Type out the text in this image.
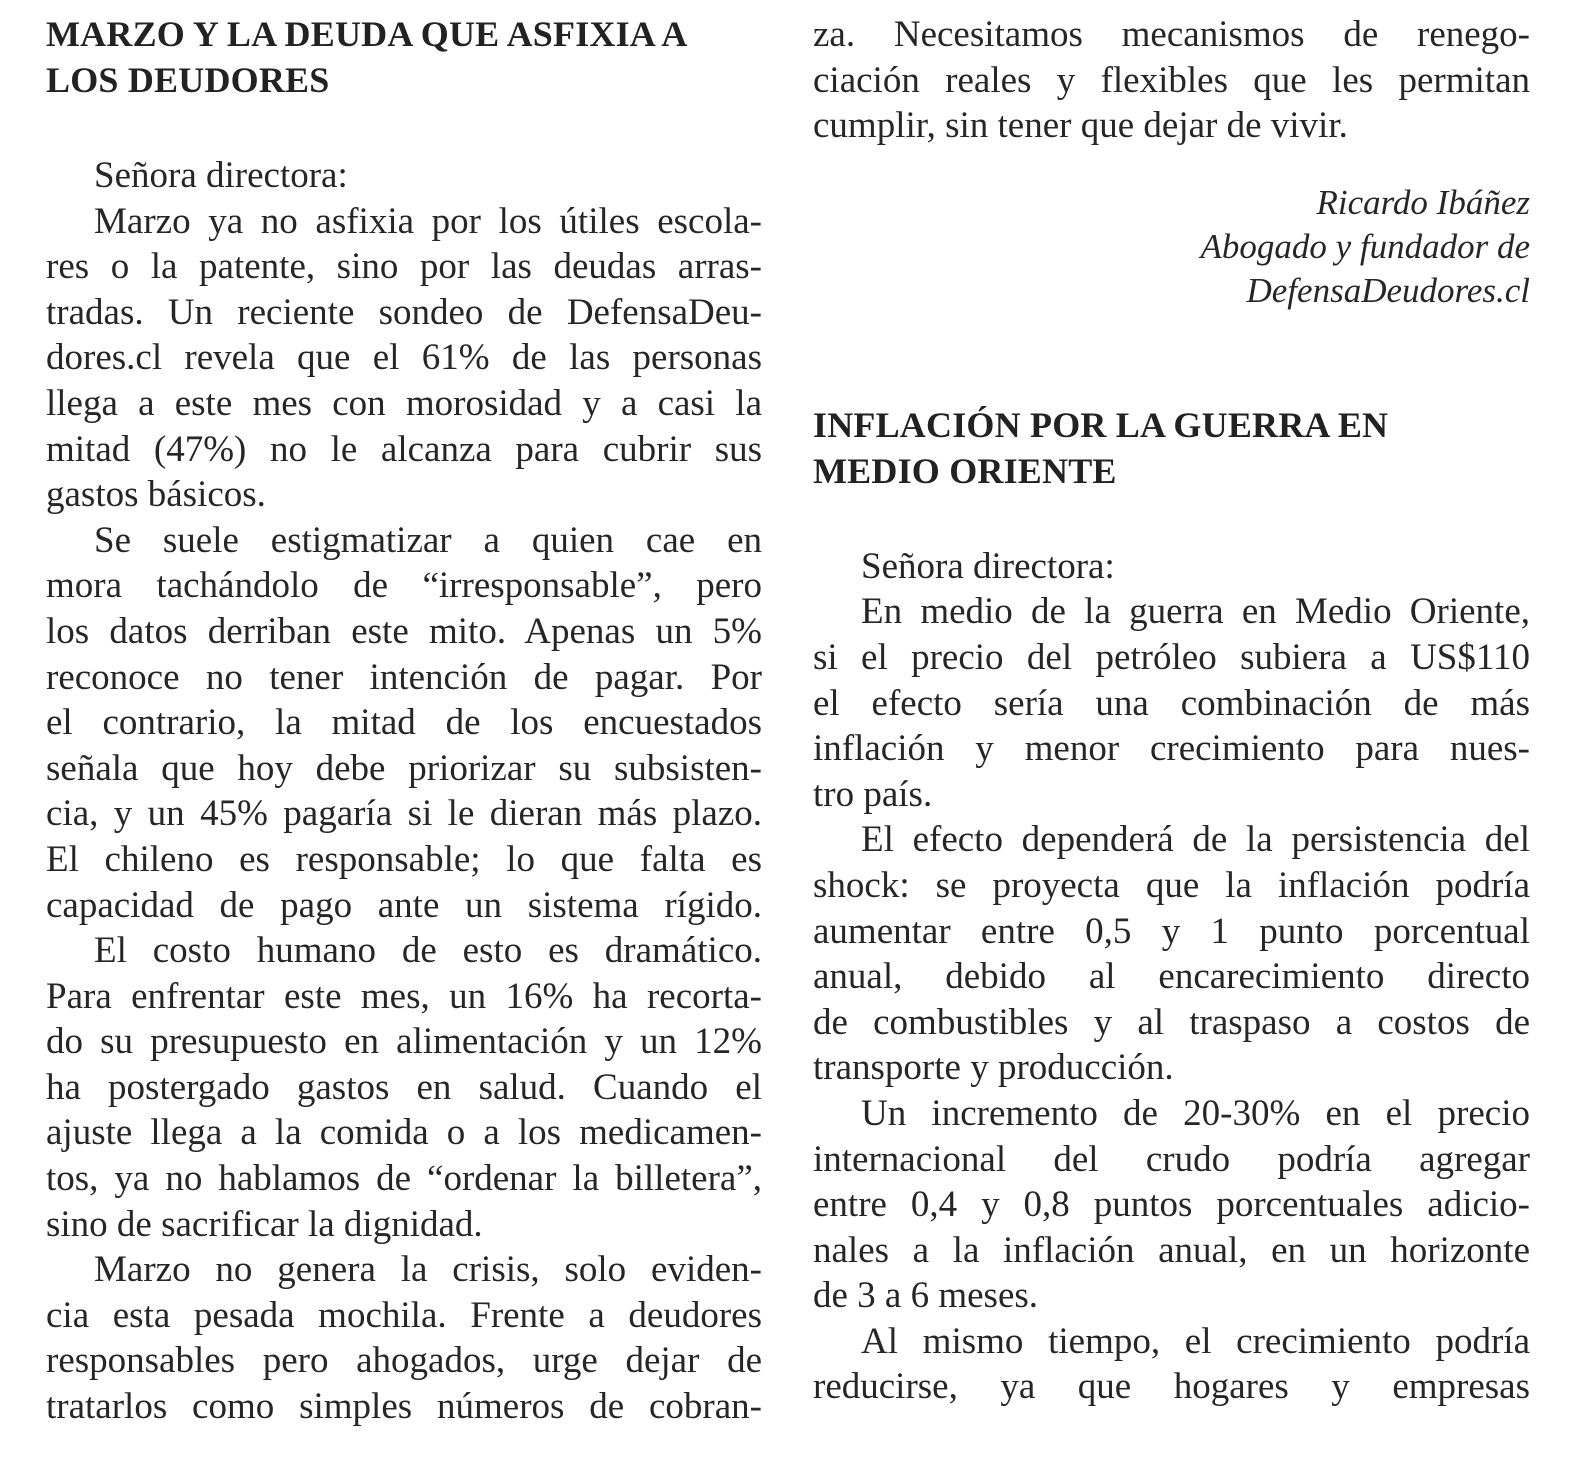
MARZO Y LA DEUDA QUE ASFIXIA A
LOS DEUDORES
Señora directora:
Marzo ya no asfixia por los útiles escola-
res o la patente, sino por las deudas arras-
tradas. Un reciente sondeo de DefensaDeu-
dores.cl revela que el 61% de las personas
llega a este mes con morosidad y a casi la
mitad (47%) no le alcanza para cubrir sus
gastos básicos.
Se suele estigmatizar a quien cae en
mora tachándolo de “irresponsable”, pero
los datos derriban este mito. Apenas un 5%
reconoce no tener intención de pagar. Por
el contrario, la mitad de los encuestados
señala que hoy debe priorizar su subsisten-
cia, y un 45% pagaría si le dieran más plazo.
El chileno es responsable; lo que falta es
capacidad de pago ante un sistema rígido.
El costo humano de esto es dramático.
Para enfrentar este mes, un 16% ha recorta-
do su presupuesto en alimentación y un 12%
ha postergado gastos en salud. Cuando el
ajuste llega a la comida o a los medicamen-
tos, ya no hablamos de “ordenar la billetera”,
sino de sacrificar la dignidad.
Marzo no genera la crisis, solo eviden-
cia esta pesada mochila. Frente a deudores
responsables pero ahogados, urge dejar de
tratarlos como simples números de cobran-
za. Necesitamos mecanismos de renego-
ciación reales y flexibles que les permitan
cumplir, sin tener que dejar de vivir.
Ricardo Ibáñez
Abogado y fundador de
DefensaDeudores.cl
INFLACIÓN POR LA GUERRA EN
MEDIO ORIENTE
Señora directora:
En medio de la guerra en Medio Oriente,
si el precio del petróleo subiera a US$110
el efecto sería una combinación de más
inflación y menor crecimiento para nues-
tro país.
El efecto dependerá de la persistencia del
shock: se proyecta que la inflación podría
aumentar entre 0,5 y 1 punto porcentual
anual, debido al encarecimiento directo
de combustibles y al traspaso a costos de
transporte y producción.
Un incremento de 20-30% en el precio
internacional del crudo podría agregar
entre 0,4 y 0,8 puntos porcentuales adicio-
nales a la inflación anual, en un horizonte
de 3 a 6 meses.
Al mismo tiempo, el crecimiento podría
reducirse, ya que hogares y empresas
